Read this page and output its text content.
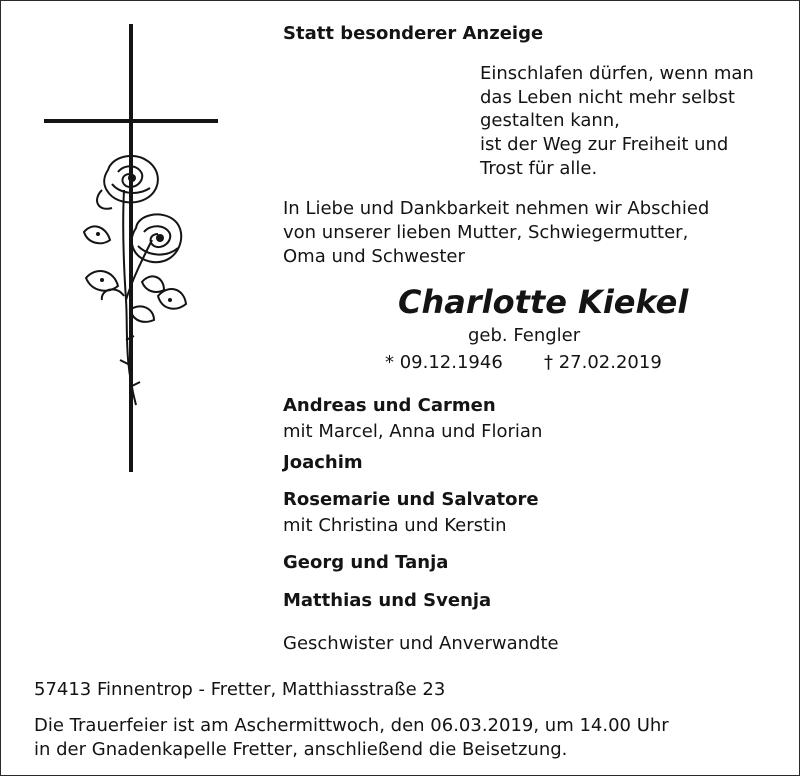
Statt besonderer Anzeige
Einschlafen dürfen, wenn man
das Leben nicht mehr selbst
gestalten kann,
ist der Weg zur Freiheit und
Trost für alle.
In Liebe und Dankbarkeit nehmen wir Abschied
von unserer lieben Mutter, Schwiegermutter,
Oma und Schwester
Charlotte Kiekel
geb. Fengler
* 09.12.1946 † 27.02.2019
Andreas und Carmen
mit Marcel, Anna und Florian
Joachim
Rosemarie und Salvatore
mit Christina und Kerstin
Georg und Tanja
Matthias und Svenja
Geschwister und Anverwandte
57413 Finnentrop - Fretter, Matthiasstraße 23
Die Trauerfeier ist am Aschermittwoch, den 06.03.2019, um 14.00 Uhr
in der Gnadenkapelle Fretter, anschließend die Beisetzung.
